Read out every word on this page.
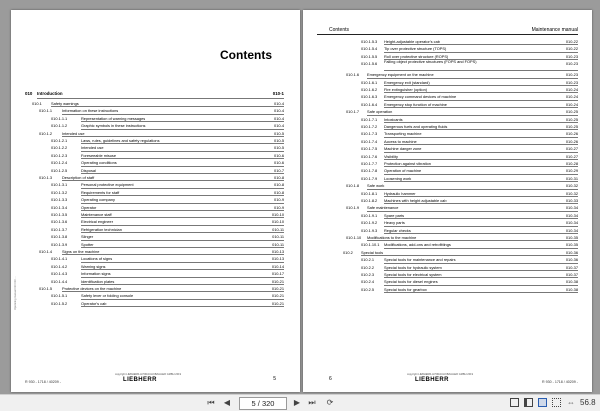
Contents
010 Introduction	010-1
010.1 Safety warnings	010-4
010.1.1	Information on these instructions	010-4
010.1.1.1	Representation of warning messages	010-4
010.1.1.2	Graphic symbols in these instructions	010-4
010.1.2	Intended use	010-5
010.1.2.1	Laws, rules, guidelines and safety regulations	010-5
010.1.2.2	Intended use	010-5
010.1.2.3	Foreseeable misuse	010-6
010.1.2.4	Operating conditions	010-6
010.1.2.5	Disposal	010-7
010.1.3	Description of staff	010-8
010.1.3.1	Personal protective equipment	010-8
010.1.3.2	Requirements for staff	010-8
010.1.3.3	Operating company	010-9
010.1.3.4	Operator	010-9
010.1.3.5	Maintenance staff	010-10
010.1.3.6	Electrical engineer	010-10
010.1.3.7	Refrigeration technician	010-11
010.1.3.8	Slinger	010-11
010.1.3.9	Spotter	010-11
010.1.4	Signs on the machine	010-13
010.1.4.1	Locations of signs	010-13
010.1.4.2	Warning signs	010-14
010.1.4.3	Information signs	010-17
010.1.4.4	Identification plates	010-21
010.1.5	Protective devices on the machine	010-21
010.1.5.1	Safety lever or folding console	010-21
010.1.5.2	Operator's cab	010-21
Operating manual 010 010 ...
R 930 - 1718 / 40209 -
copyright LIEBHERR-HYDRAULIKBAGGER GMBH 2019
LIEBHERR	5
Contents	Maintenance manual
010.1.5.3 Height-adjustable operator's cab	010-22
010.1.5.4 Tip over protective structure (TOPS)	010-22
010.1.5.5 Roll over protective structure (ROPS)	010-23
010.1.5.6 Falling object protective structures (FOPS and FOPS)	010-23
010.1.6 Emergency equipment on the machine	010-23
010.1.6.1 Emergency exit (standard)	010-23
010.1.6.2 Fire extinguisher (option)	010-24
010.1.6.3 Emergency command devices of machine	010-24
010.1.6.4 Emergency stop function of machine	010-24
010.1.7 Safe operation	010-25
010.1.7.1 Intoxicants	010-25
010.1.7.2 Dangerous fuels and operating fluids	010-25
010.1.7.3 Transporting machine	010-26
010.1.7.4 Access to machine	010-26
010.1.7.5 Machine danger zone	010-27
010.1.7.6 Visibility	010-27
010.1.7.7 Protection against vibration	010-28
010.1.7.8 Operation of machine	010-29
010.1.7.9 Loosening work	010-31
010.1.8 Safe work	010-32
010.1.8.1 Hydraulic hammer	010-32
010.1.8.2 Machines with height adjustable cab	010-33
010.1.9 Safe maintenance	010-34
010.1.9.1 Spare parts	010-34
010.1.9.2 Heavy parts	010-34
010.1.9.3 Regular checks	010-34
010.1.10 Modifications to the machine	010-35
010.1.10.1 Modifications, add-ons and retrofittings	010-35
010.2 Special tools	010-36
010.2.1	Special tools for maintenance and repairs	010-36
010.2.2	Special tools for hydraulic system	010-37
010.2.3	Special tools for electrical system	010-37
010.2.4	Special tools for diesel engines	010-38
010.2.5	Special tools for gearbox	010-38
6
copyright LIEBHERR-HYDRAULIKBAGGER GMBH 2019
LIEBHERR	R 930 - 1718 / 40209 -
⏮ ◀	5 / 320	▶ ⏭ ⟳	⇔ 56.8
